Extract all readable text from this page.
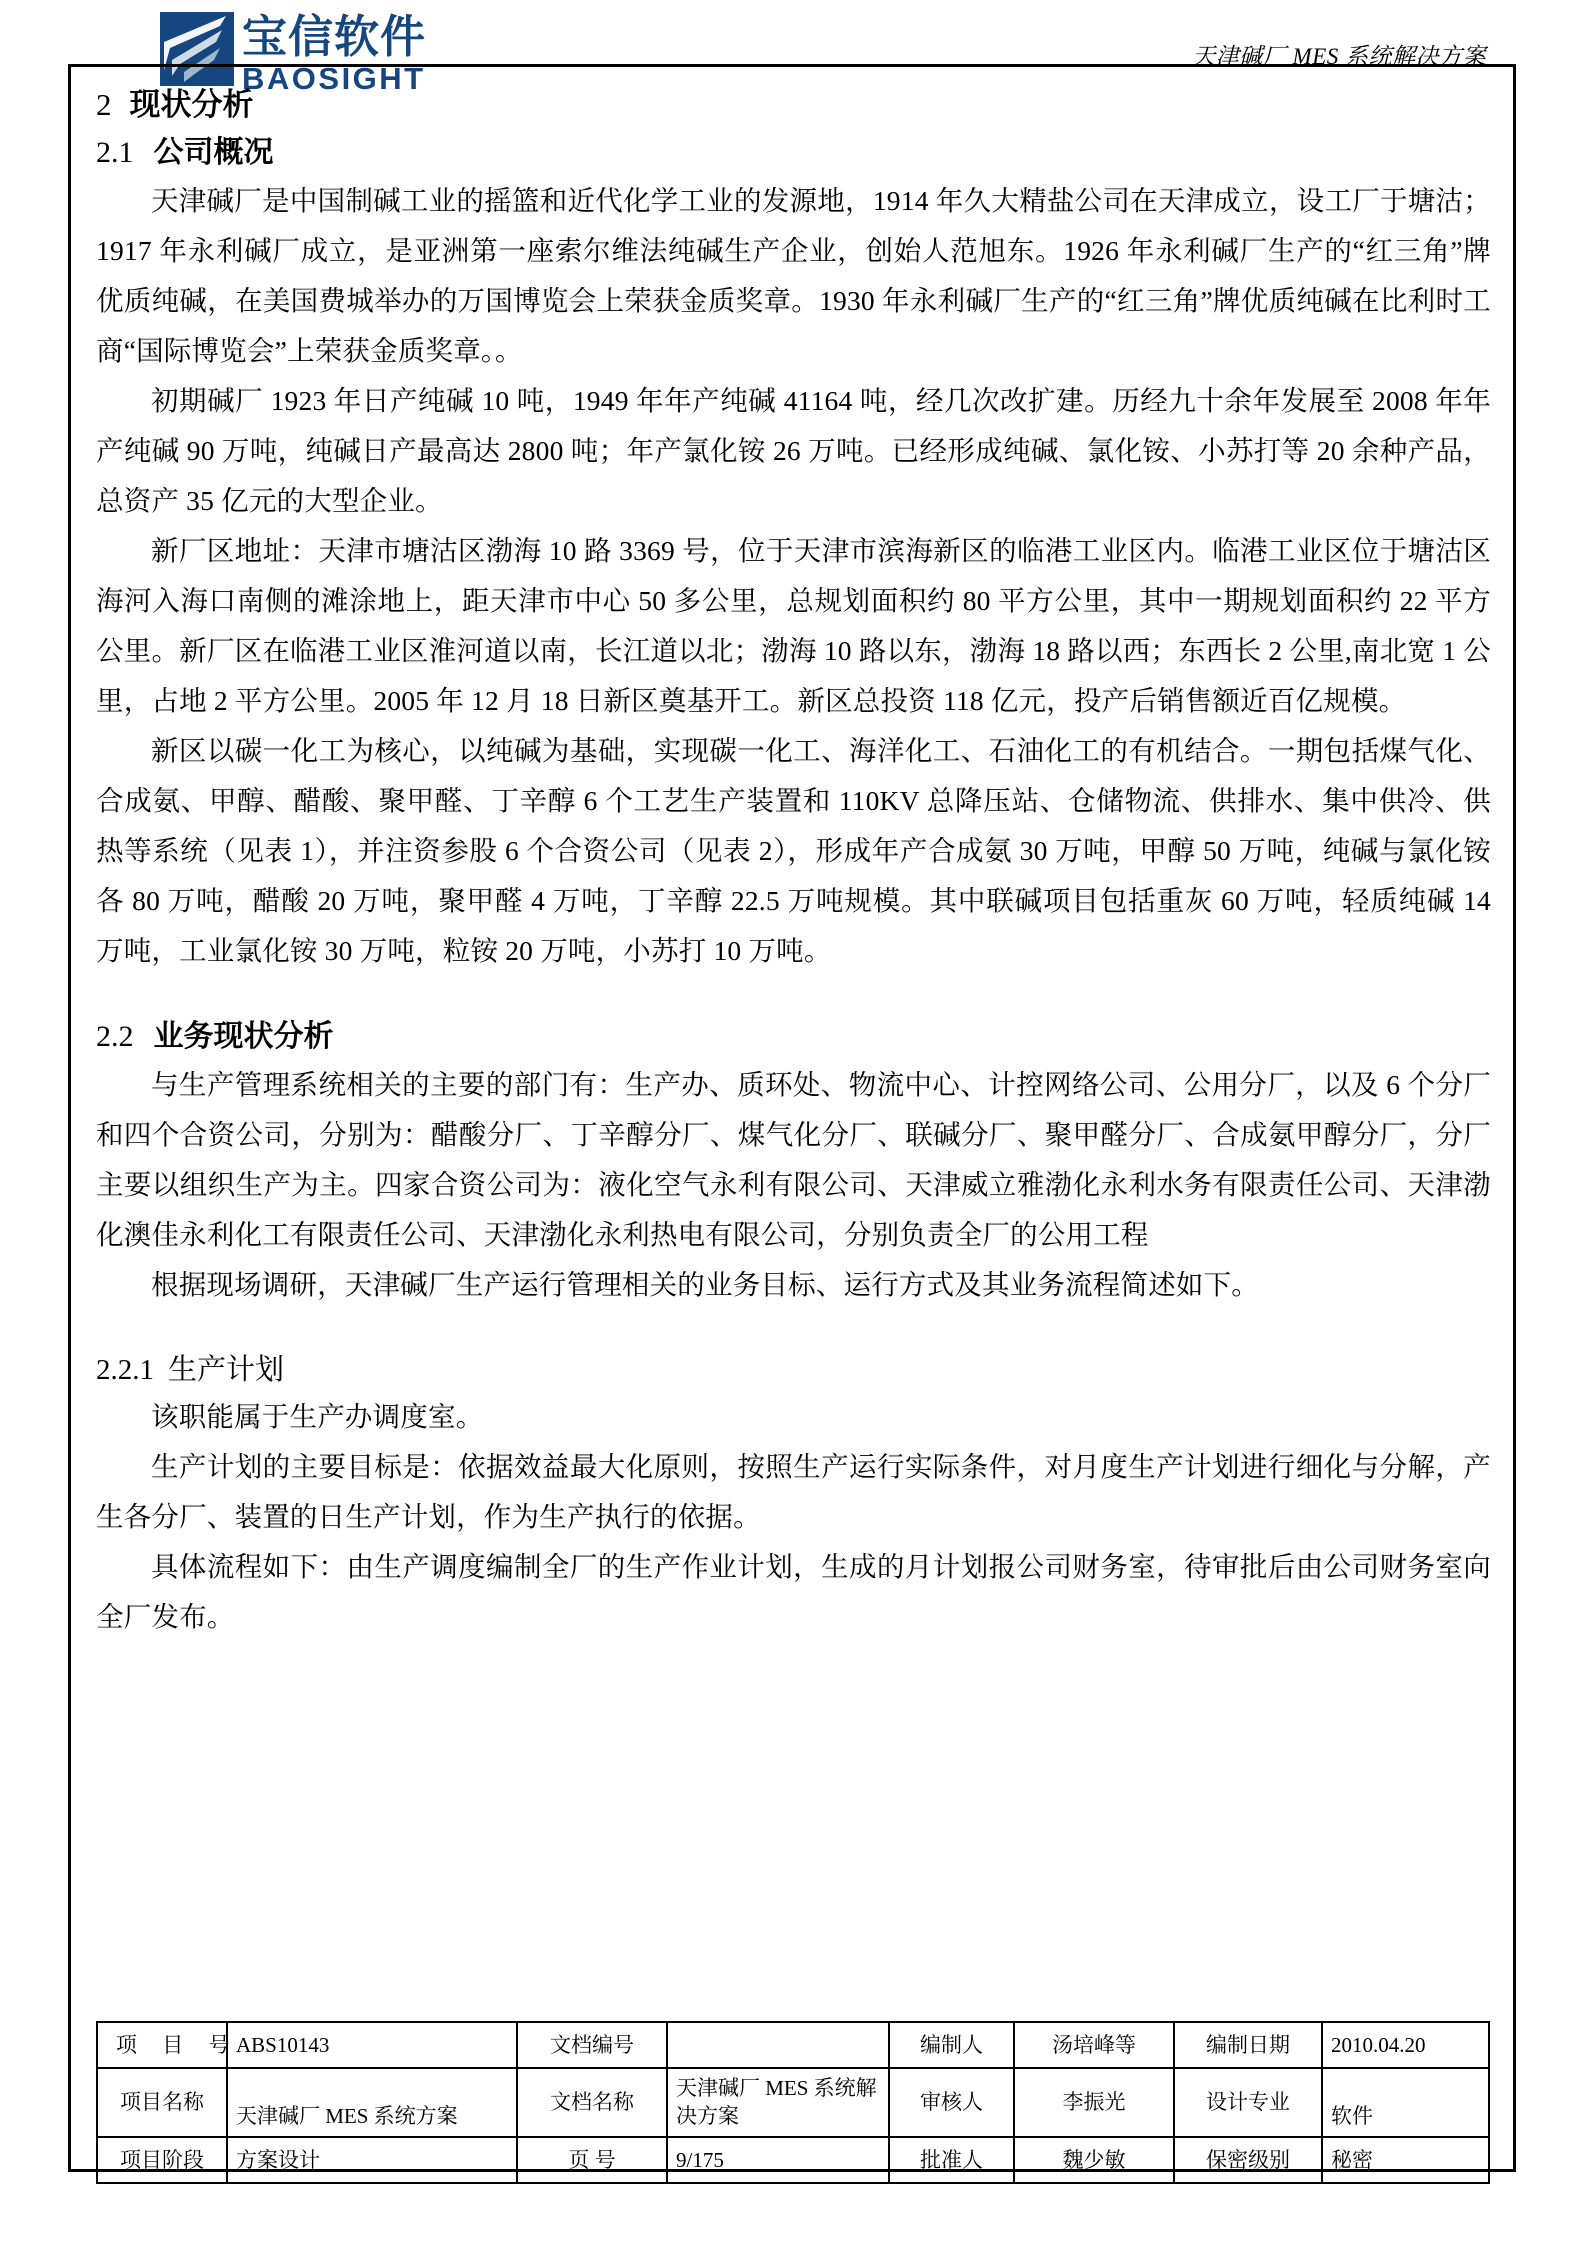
宝信软件
BAOSIGHT
天津碱厂 MES 系统解决方案
2 现状分析
2.1 公司概况

天津碱厂是中国制碱工业的摇篮和近代化学工业的发源地，1914 年久大精盐公司在天津成立，设工厂于塘沽；1917 年永利碱厂成立，是亚洲第一座索尔维法纯碱生产企业，创始人范旭东。1926 年永利碱厂生产的“红三角”牌优质纯碱，在美国费城举办的万国博览会上荣获金质奖章。1930 年永利碱厂生产的“红三角”牌优质纯碱在比利时工商“国际博览会”上荣获金质奖章。。

初期碱厂 1923 年日产纯碱 10 吨，1949 年年产纯碱 41164 吨，经几次改扩建。历经九十余年发展至 2008 年年产纯碱 90 万吨，纯碱日产最高达 2800 吨；年产氯化铵 26 万吨。已经形成纯碱、氯化铵、小苏打等 20 余种产品，总资产 35 亿元的大型企业。

新厂区地址：天津市塘沽区渤海 10 路 3369 号，位于天津市滨海新区的临港工业区内。临港工业区位于塘沽区海河入海口南侧的滩涂地上，距天津市中心 50 多公里，总规划面积约 80 平方公里，其中一期规划面积约 22 平方公里。新厂区在临港工业区淮河道以南，长江道以北；渤海 10 路以东，渤海 18 路以西；东西长 2 公里,南北宽 1 公里，占地 2 平方公里。2005 年 12 月 18 日新区奠基开工。新区总投资 118 亿元，投产后销售额近百亿规模。

新区以碳一化工为核心，以纯碱为基础，实现碳一化工、海洋化工、石油化工的有机结合。一期包括煤气化、合成氨、甲醇、醋酸、聚甲醛、丁辛醇 6 个工艺生产装置和 110KV 总降压站、仓储物流、供排水、集中供冷、供热等系统（见表 1），并注资参股 6 个合资公司（见表 2），形成年产合成氨 30 万吨，甲醇 50 万吨，纯碱与氯化铵各 80 万吨，醋酸 20 万吨，聚甲醛 4 万吨，丁辛醇 22.5 万吨规模。其中联碱项目包括重灰 60 万吨，轻质纯碱 14 万吨，工业氯化铵 30 万吨，粒铵 20 万吨，小苏打 10 万吨。

2.2 业务现状分析

与生产管理系统相关的主要的部门有：生产办、质环处、物流中心、计控网络公司、公用分厂，以及 6 个分厂和四个合资公司，分别为：醋酸分厂、丁辛醇分厂、煤气化分厂、联碱分厂、聚甲醛分厂、合成氨甲醇分厂，分厂主要以组织生产为主。四家合资公司为：液化空气永利有限公司、天津威立雅渤化永利水务有限责任公司、天津渤化澳佳永利化工有限责任公司、天津渤化永利热电有限公司，分别负责全厂的公用工程

根据现场调研，天津碱厂生产运行管理相关的业务目标、运行方式及其业务流程简述如下。

2.2.1 生产计划

该职能属于生产办调度室。

生产计划的主要目标是：依据效益最大化原则，按照生产运行实际条件，对月度生产计划进行细化与分解，产生各分厂、装置的日生产计划，作为生产执行的依据。

具体流程如下：由生产调度编制全厂的生产作业计划，生成的月计划报公司财务室，待审批后由公司财务室向全厂发布。

项 目 号	ABS10143	文档编号		编制人	汤培峰等	编制日期	2010.04.20
项目名称	天津碱厂 MES 系统方案	文档名称	天津碱厂 MES 系统解决方案	审核人	李振光	设计专业	软件
项目阶段	方案设计	页 号	9/175	批准人	魏少敏	保密级别	秘密
